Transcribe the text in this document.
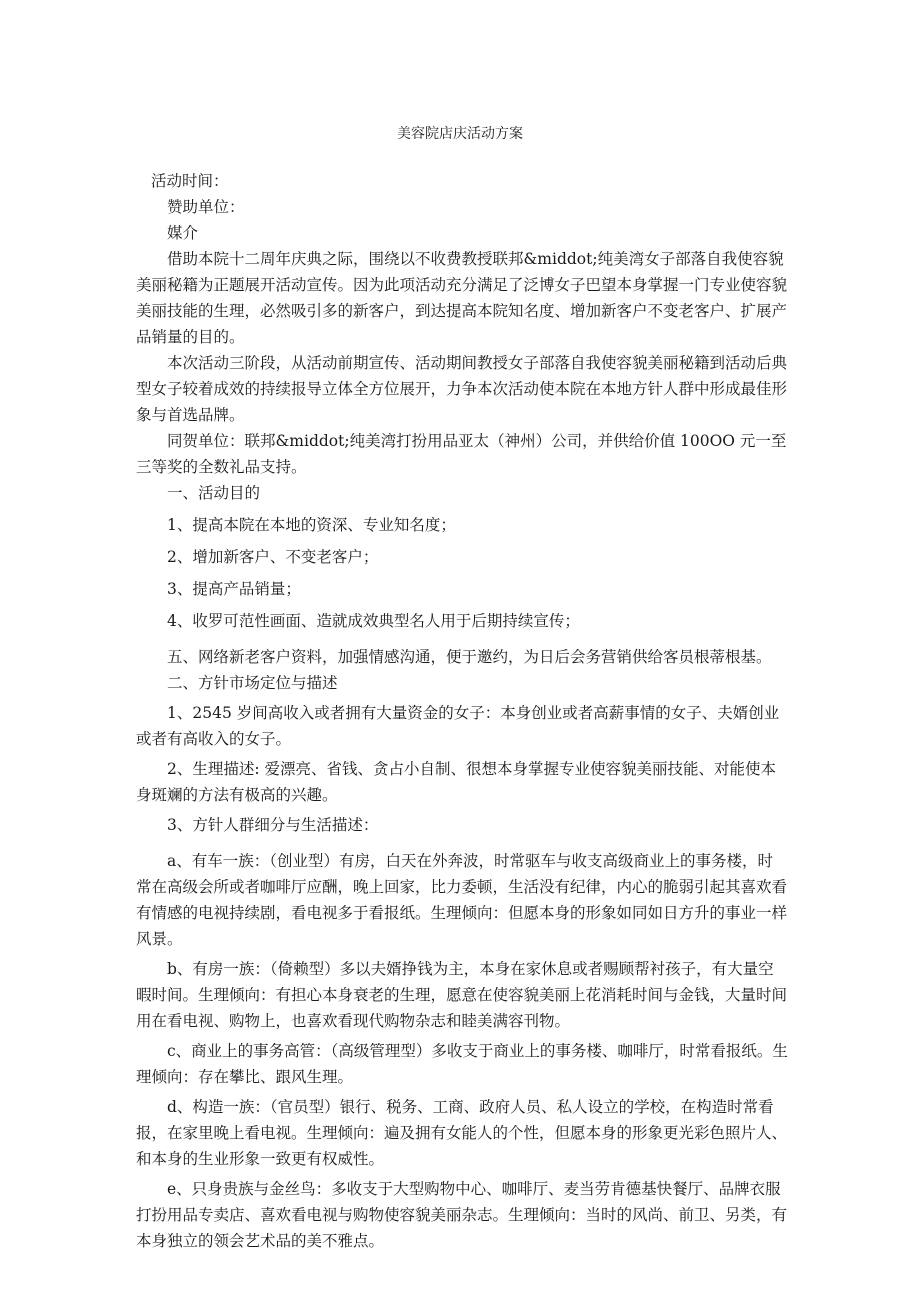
美容院店庆活动方案

活动时间：

赞助单位：

媒介

借助本院十二周年庆典之际，围绕以不收费教授联邦&middot;纯美湾女子部落自我使容貌美丽秘籍为正题展开活动宣传。因为此项活动充分满足了泛博女子巴望本身掌握一门专业使容貌美丽技能的生理，必然吸引多的新客户，到达提高本院知名度、增加新客户不变老客户、扩展产品销量的目的。

本次活动三阶段，从活动前期宣传、活动期间教授女子部落自我使容貌美丽秘籍到活动后典型女子较着成效的持续报导立体全方位展开，力争本次活动使本院在本地方针人群中形成最佳形象与首选品牌。

同贺单位：联邦&middot;纯美湾打扮用品亚太（神州）公司，并供给价值 100OO 元一至三等奖的全数礼品支持。

一、活动目的

1、提高本院在本地的资深、专业知名度；

2、增加新客户、不变老客户；

3、提高产品销量；

4、收罗可范性画面、造就成效典型名人用于后期持续宣传；

五、网络新老客户资料，加强情感沟通，便于邀约，为日后会务营销供给客员根蒂根基。

二、方针市场定位与描述

1、2545 岁间高收入或者拥有大量资金的女子：本身创业或者高薪事情的女子、夫婿创业或者有高收入的女子。

2、生理描述: 爱漂亮、省钱、贪占小自制、很想本身掌握专业使容貌美丽技能、对能使本身斑斓的方法有极高的兴趣。

3、方针人群细分与生活描述：

a、有车一族：（创业型）有房，白天在外奔波，时常驱车与收支高级商业上的事务楼，时常在高级会所或者咖啡厅应酬，晚上回家，比力委顿，生活没有纪律，内心的脆弱引起其喜欢看有情感的电视持续剧，看电视多于看报纸。生理倾向：但愿本身的形象如同如日方升的事业一样风景。

b、有房一族：（倚赖型）多以夫婿挣钱为主，本身在家休息或者赐顾帮衬孩子，有大量空暇时间。生理倾向：有担心本身衰老的生理，愿意在使容貌美丽上花消耗时间与金钱，大量时间用在看电视、购物上，也喜欢看现代购物杂志和睦美满容刊物。

c、商业上的事务高管：（高级管理型）多收支于商业上的事务楼、咖啡厅，时常看报纸。生理倾向：存在攀比、跟风生理。

d、构造一族：（官员型）银行、税务、工商、政府人员、私人设立的学校，在构造时常看报，在家里晚上看电视。生理倾向：遍及拥有女能人的个性，但愿本身的形象更光彩色照片人、和本身的生业形象一致更有权威性。

e、只身贵族与金丝鸟：多收支于大型购物中心、咖啡厅、麦当劳肯德基快餐厅、品牌衣服打扮用品专卖店、喜欢看电视与购物使容貌美丽杂志。生理倾向：当时的风尚、前卫、另类，有本身独立的领会艺术品的美不雅点。
